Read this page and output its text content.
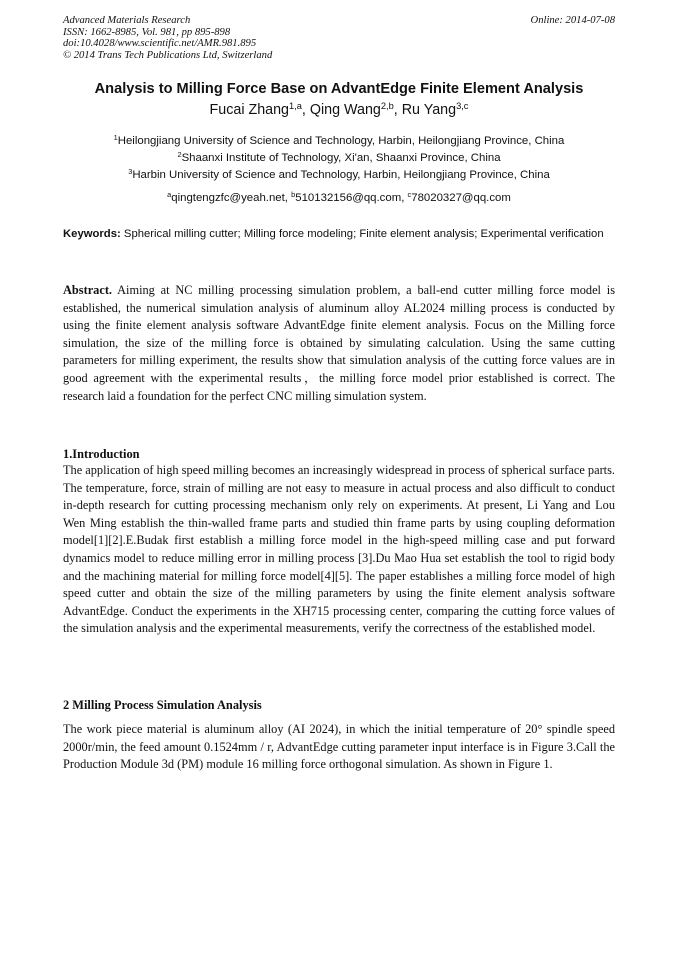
Advanced Materials Research
ISSN: 1662-8985, Vol. 981, pp 895-898
doi:10.4028/www.scientific.net/AMR.981.895
© 2014 Trans Tech Publications Ltd, Switzerland
Online: 2014-07-08
Analysis to Milling Force Base on AdvantEdge Finite Element Analysis
Fucai Zhang$^{1,a}$, Qing Wang$^{2,b}$, Ru Yang$^{3,c}$
$^1$Heilongjiang University of Science and Technology, Harbin, Heilongjiang Province, China
$^2$Shaanxi Institute of Technology, Xi'an, Shaanxi Province, China
$^3$Harbin University of Science and Technology, Harbin, Heilongjiang Province, China
$^a$qingtengzfc@yeah.net, $^b$510132156@qq.com, $^c$78020327@qq.com
Keywords: Spherical milling cutter; Milling force modeling; Finite element analysis; Experimental verification
Abstract. Aiming at NC milling processing simulation problem, a ball-end cutter milling force model is established, the numerical simulation analysis of aluminum alloy AL2024 milling process is conducted by using the finite element analysis software AdvantEdge finite element analysis. Focus on the Milling force simulation, the size of the milling force is obtained by simulating calculation. Using the same cutting parameters for milling experiment, the results show that simulation analysis of the cutting force values are in good agreement with the experimental results，the milling force model prior established is correct. The research laid a foundation for the perfect CNC milling simulation system.
1.Introduction
The application of high speed milling becomes an increasingly widespread in process of spherical surface parts. The temperature, force, strain of milling are not easy to measure in actual process and also difficult to conduct in-depth research for cutting processing mechanism only rely on experiments. At present, Li Yang and Lou Wen Ming establish the thin-walled frame parts and studied thin frame parts by using coupling deformation model[1][2].E.Budak first establish a milling force model in the high-speed milling case and put forward dynamics model to reduce milling error in milling process [3].Du Mao Hua set establish the tool to rigid body and the machining material for milling force model[4][5]. The paper establishes a milling force model of high speed cutter and obtain the size of the milling parameters by using the finite element analysis software AdvantEdge. Conduct the experiments in the XH715 processing center, comparing the cutting force values of the simulation analysis and the experimental measurements, verify the correctness of the established model.
2 Milling Process Simulation Analysis
The work piece material is aluminum alloy (AI 2024), in which the initial temperature of 20° spindle speed 2000r/min, the feed amount 0.1524mm / r, AdvantEdge cutting parameter input interface is in Figure 3.Call the Production Module 3d (PM) module 16 milling force orthogonal simulation. As shown in Figure 1.
